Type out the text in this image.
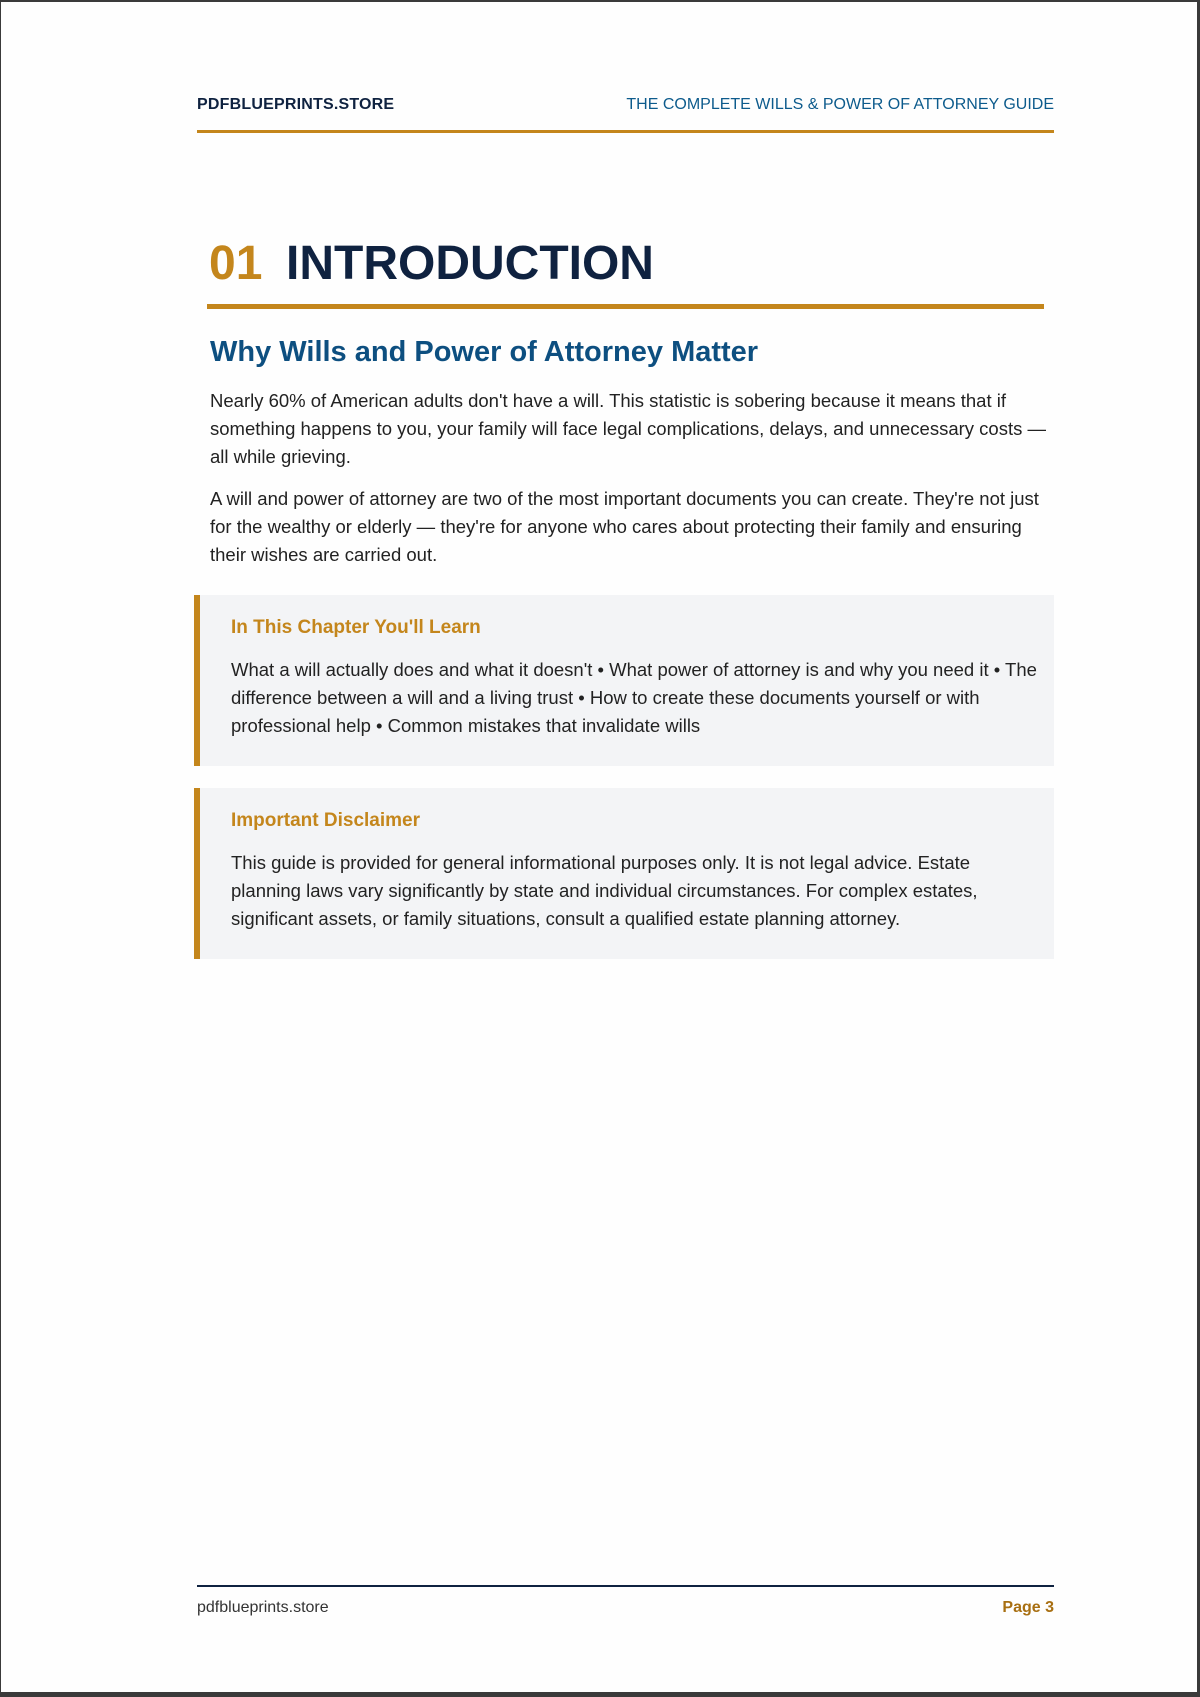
PDFBLUEPRINTS.STORE	THE COMPLETE WILLS & POWER OF ATTORNEY GUIDE
01 INTRODUCTION
Why Wills and Power of Attorney Matter

Nearly 60% of American adults don't have a will. This statistic is sobering because it means that if something happens to you, your family will face legal complications, delays, and unnecessary costs — all while grieving.

A will and power of attorney are two of the most important documents you can create. They're not just for the wealthy or elderly — they're for anyone who cares about protecting their family and ensuring their wishes are carried out.

In This Chapter You'll Learn

What a will actually does and what it doesn't • What power of attorney is and why you need it • The difference between a will and a living trust • How to create these documents yourself or with professional help • Common mistakes that invalidate wills

Important Disclaimer

This guide is provided for general informational purposes only. It is not legal advice. Estate planning laws vary significantly by state and individual circumstances. For complex estates, significant assets, or family situations, consult a qualified estate planning attorney.

pdfblueprints.store	Page 3
